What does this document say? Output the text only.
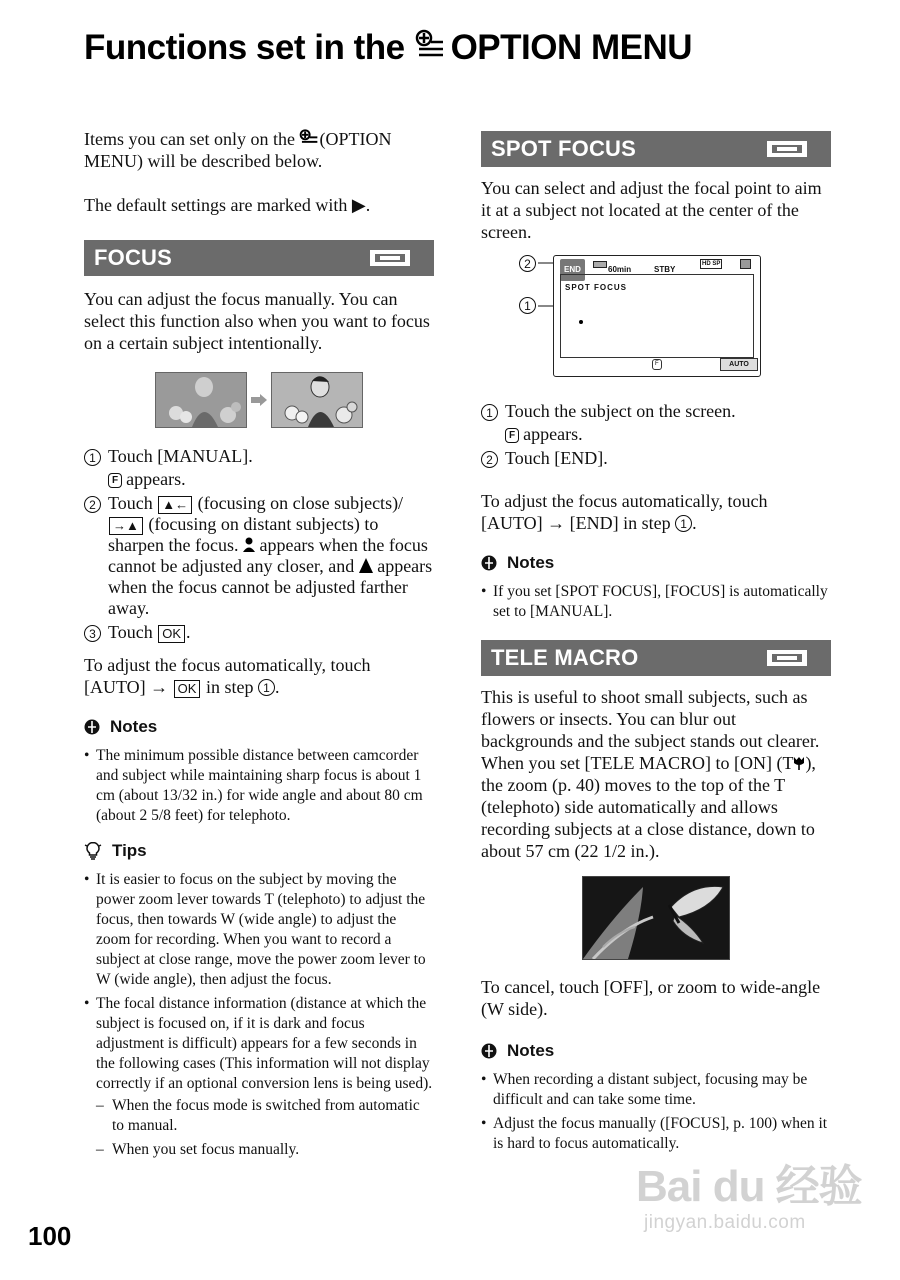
Functions set in the OPTION MENU

Items you can set only on the (OPTION MENU) will be described below.

The default settings are marked with ▶.

FOCUS

You can adjust the focus manually. You can select this function also when you want to focus on a certain subject intentionally.

1 Touch [MANUAL].
F appears.
2 Touch ▲← (focusing on close subjects)/ →▲ (focusing on distant subjects) to sharpen the focus. appears when the focus cannot be adjusted any closer, and appears when the focus cannot be adjusted farther away.
3 Touch OK .

To adjust the focus automatically, touch [AUTO] → OK in step 1 .

Notes
• The minimum possible distance between camcorder and subject while maintaining sharp focus is about 1 cm (about 13/32 in.) for wide angle and about 80 cm (about 2 5/8 feet) for telephoto.
Tips
• It is easier to focus on the subject by moving the power zoom lever towards T (telephoto) to adjust the focus, then towards W (wide angle) to adjust the zoom for recording. When you want to record a subject at close range, move the power zoom lever to W (wide angle), then adjust the focus.
• The focal distance information (distance at which the subject is focused on, if it is dark and focus adjustment is difficult) appears for a few seconds in the following cases (This information will not display correctly if an optional conversion lens is being used).
– When the focus mode is switched from automatic to manual.
– When you set focus manually.
SPOT FOCUS

You can select and adjust the focal point to aim it at a subject not located at the center of the screen.

2
1
END	60min	STBY
HD SP
SPOT FOCUS
F	AUTO
1 Touch the subject on the screen.
F appears.
2 Touch [END].

To adjust the focus automatically, touch [AUTO] → [END] in step 1 .

Notes
• If you set [SPOT FOCUS], [FOCUS] is automatically set to [MANUAL].
TELE MACRO

This is useful to shoot small subjects, such as flowers or insects. You can blur out backgrounds and the subject stands out clearer.

When you set [TELE MACRO] to [ON] (T ), the zoom (p. 40) moves to the top of the T (telephoto) side automatically and allows recording subjects at a close distance, down to about 57 cm (22 1/2 in.).

To cancel, touch [OFF], or zoom to wide-angle (W side).

Notes
• When recording a distant subject, focusing may be difficult and can take some time.
• Adjust the focus manually ([FOCUS], p. 100) when it is hard to focus automatically.
100
Bai du 经验
jingyan.baidu.com
